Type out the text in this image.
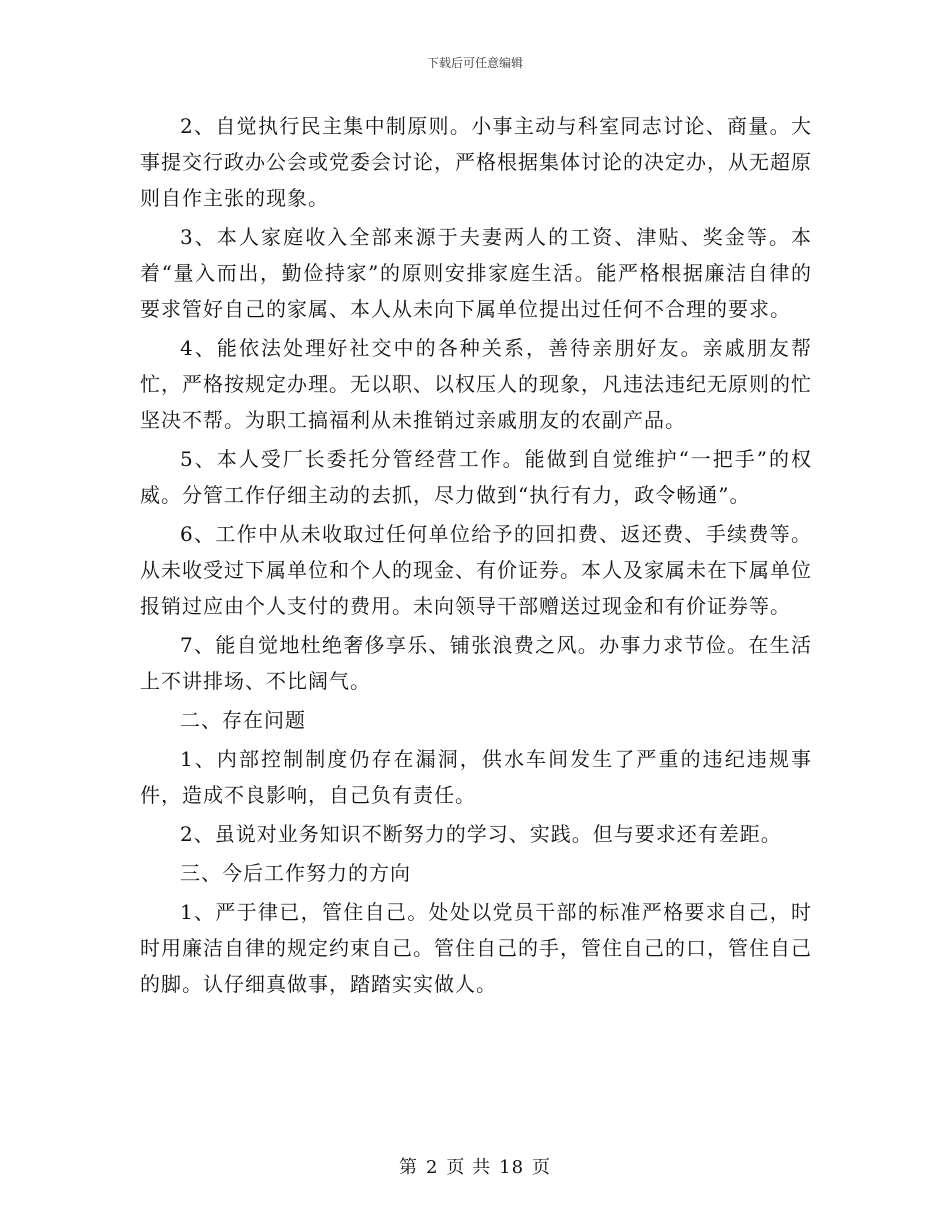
下载后可任意编辑

2、自觉执行民主集中制原则。小事主动与科室同志讨论、商量。大事提交行政办公会或党委会讨论，严格根据集体讨论的决定办，从无超原则自作主张的现象。

3、本人家庭收入全部来源于夫妻两人的工资、津贴、奖金等。本着“量入而出，勤俭持家”的原则安排家庭生活。能严格根据廉洁自律的要求管好自己的家属、本人从未向下属单位提出过任何不合理的要求。

4、能依法处理好社交中的各种关系，善待亲朋好友。亲戚朋友帮忙，严格按规定办理。无以职、以权压人的现象，凡违法违纪无原则的忙坚决不帮。为职工搞福利从未推销过亲戚朋友的农副产品。

5、本人受厂长委托分管经营工作。能做到自觉维护“一把手”的权威。分管工作仔细主动的去抓，尽力做到“执行有力，政令畅通”。

6、工作中从未收取过任何单位给予的回扣费、返还费、手续费等。从未收受过下属单位和个人的现金、有价证券。本人及家属未在下属单位报销过应由个人支付的费用。未向领导干部赠送过现金和有价证券等。

7、能自觉地杜绝奢侈享乐、铺张浪费之风。办事力求节俭。在生活上不讲排场、不比阔气。

二、存在问题

1、内部控制制度仍存在漏洞，供水车间发生了严重的违纪违规事件，造成不良影响，自己负有责任。

2、虽说对业务知识不断努力的学习、实践。但与要求还有差距。

三、今后工作努力的方向

1、严于律已，管住自己。处处以党员干部的标准严格要求自己，时时用廉洁自律的规定约束自己。管住自己的手，管住自己的口，管住自己的脚。认仔细真做事，踏踏实实做人。

第 2 页 共 18 页
